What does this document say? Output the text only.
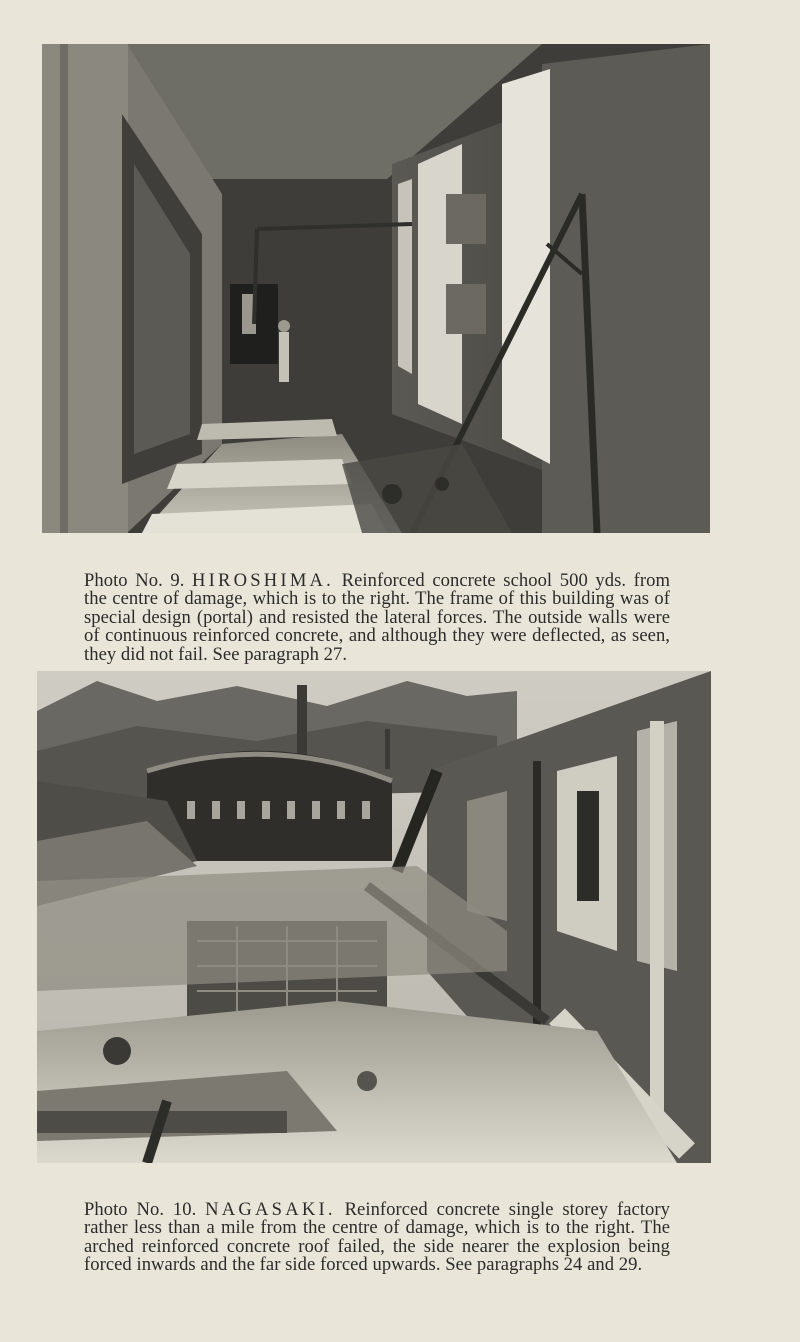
Photo No. 9. HIROSHIMA. Reinforced concrete school 500 yds. from the centre of damage, which is to the right. The frame of this building was of special design (portal) and resisted the lateral forces. The outside walls were of continuous reinforced concrete, and although they were deflected, as seen, they did not fail. See paragraph 27.

Photo No. 10. NAGASAKI. Reinforced concrete single storey factory rather less than a mile from the centre of damage, which is to the right. The arched reinforced concrete roof failed, the side nearer the explosion being forced inwards and the far side forced upwards. See paragraphs 24 and 29.
